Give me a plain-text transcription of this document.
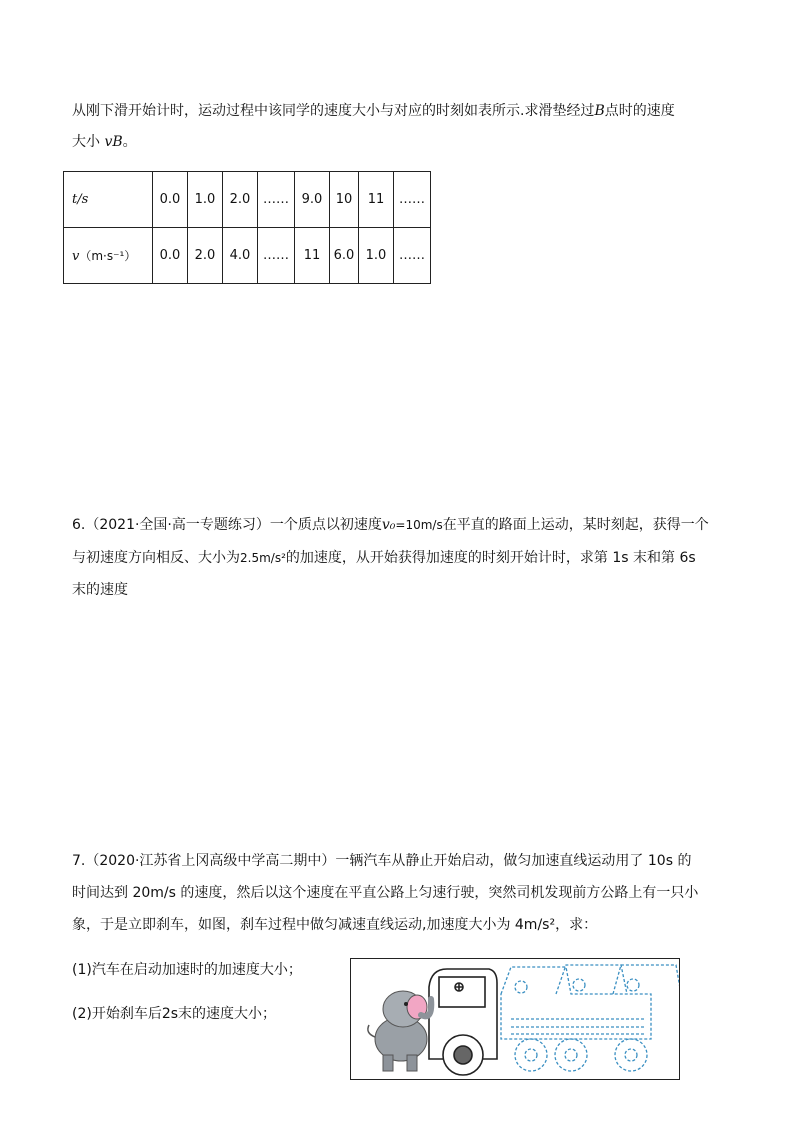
从刚下滑开始计时，运动过程中该同学的速度大小与对应的时刻如表所示.求滑垫经过B点时的速度
大小 vB。
t/s	0.0	1.0	2.0	……	9.0	10	11	……
v（m·s⁻¹）	0.0	2.0	4.0	……	11	6.0	1.0	……
6.（2021·全国·高一专题练习）一个质点以初速度v₀=10m/s在平直的路面上运动，某时刻起，获得一个
与初速度方向相反、大小为2.5m/s²的加速度，从开始获得加速度的时刻开始计时，求第 1s 末和第 6s
末的速度
7.（2020·江苏省上冈高级中学高二期中）一辆汽车从静止开始启动，做匀加速直线运动用了 10s 的
时间达到 20m/s 的速度，然后以这个速度在平直公路上匀速行驶，突然司机发现前方公路上有一只小
象，于是立即刹车，如图，刹车过程中做匀减速直线运动,加速度大小为 4m/s²，求：
(1)汽车在启动加速时的加速度大小；
(2)开始刹车后2s末的速度大小；
